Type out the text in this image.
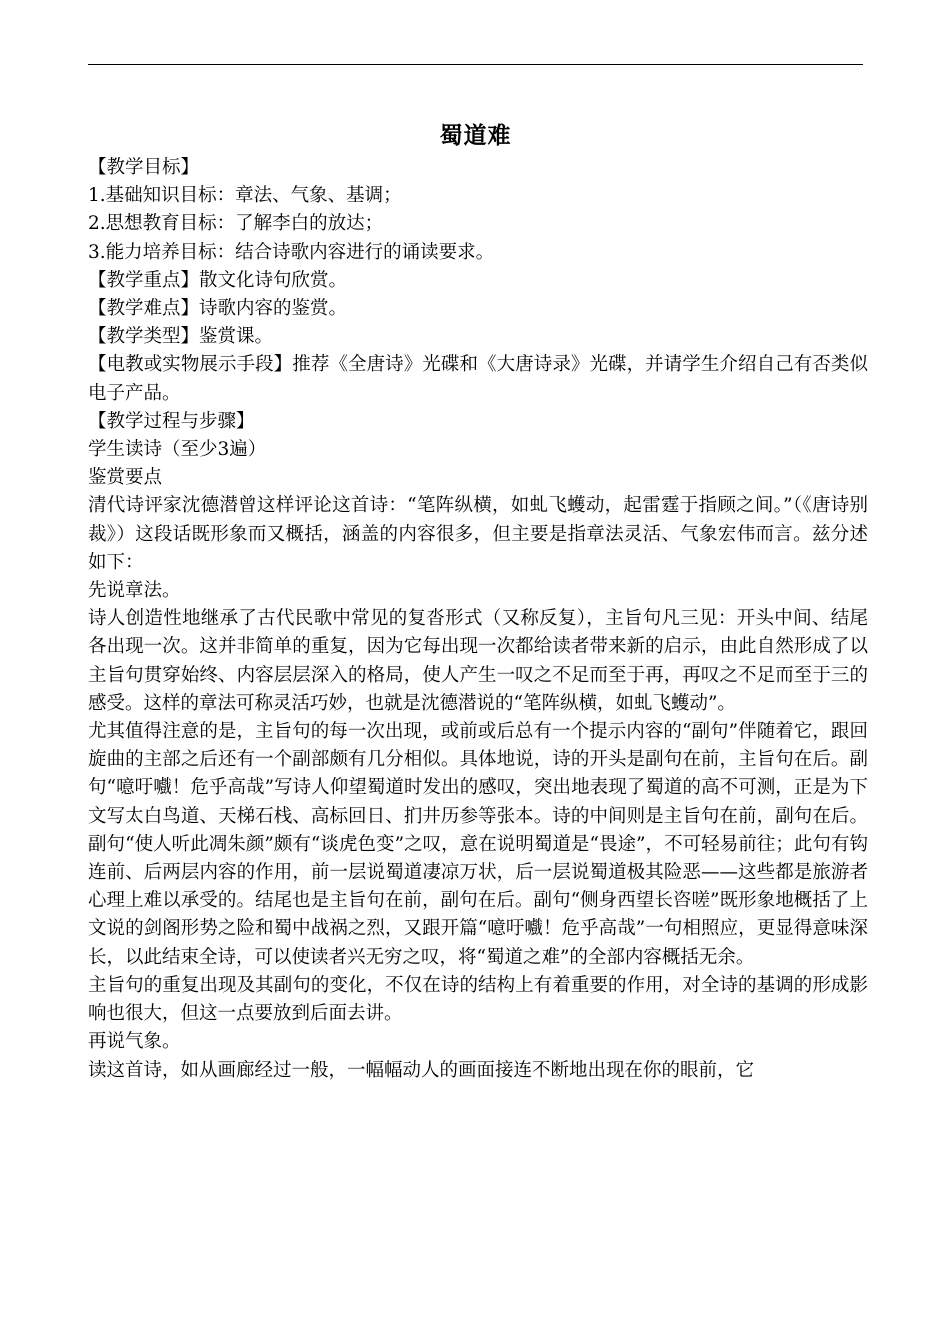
蜀道难

【教学目标】

1.基础知识目标：章法、气象、基调；

2.思想教育目标：了解李白的放达；

3.能力培养目标：结合诗歌内容进行的诵读要求。

【教学重点】散文化诗句欣赏。

【教学难点】诗歌内容的鉴赏。

【教学类型】鉴赏课。

【电教或实物展示手段】推荐《全唐诗》光碟和《大唐诗录》光碟，并请学生介绍自己有否类似电子产品。

【教学过程与步骤】

学生读诗（至少3遍）

鉴赏要点

清代诗评家沈德潜曾这样评论这首诗：“笔阵纵横，如虬飞蠖动，起雷霆于指顾之间。”（《唐诗别裁》）这段话既形象而又概括，涵盖的内容很多，但主要是指章法灵活、气象宏伟而言。兹分述如下：

先说章法。

诗人创造性地继承了古代民歌中常见的复沓形式（又称反复），主旨句凡三见：开头中间、结尾各出现一次。这并非简单的重复，因为它每出现一次都给读者带来新的启示，由此自然形成了以主旨句贯穿始终、内容层层深入的格局，使人产生一叹之不足而至于再，再叹之不足而至于三的感受。这样的章法可称灵活巧妙，也就是沈德潜说的“笔阵纵横，如虬飞蠖动”。

尤其值得注意的是，主旨句的每一次出现，或前或后总有一个提示内容的“副句”伴随着它，跟回旋曲的主部之后还有一个副部颇有几分相似。具体地说，诗的开头是副句在前，主旨句在后。副句“噫吁嚱！危乎高哉”写诗人仰望蜀道时发出的感叹，突出地表现了蜀道的高不可测，正是为下文写太白鸟道、天梯石栈、高标回日、扪井历参等张本。诗的中间则是主旨句在前，副句在后。副句“使人听此凋朱颜”颇有“谈虎色变”之叹，意在说明蜀道是“畏途”，不可轻易前往；此句有钩连前、后两层内容的作用，前一层说蜀道凄凉万状，后一层说蜀道极其险恶——这些都是旅游者心理上难以承受的。结尾也是主旨句在前，副句在后。副句“侧身西望长咨嗟”既形象地概括了上文说的剑阁形势之险和蜀中战祸之烈，又跟开篇“噫吁嚱！危乎高哉”一句相照应，更显得意味深长，以此结束全诗，可以使读者兴无穷之叹，将“蜀道之难”的全部内容概括无余。

主旨句的重复出现及其副句的变化，不仅在诗的结构上有着重要的作用，对全诗的基调的形成影响也很大，但这一点要放到后面去讲。

再说气象。

读这首诗，如从画廊经过一般，一幅幅动人的画面接连不断地出现在你的眼前，它
